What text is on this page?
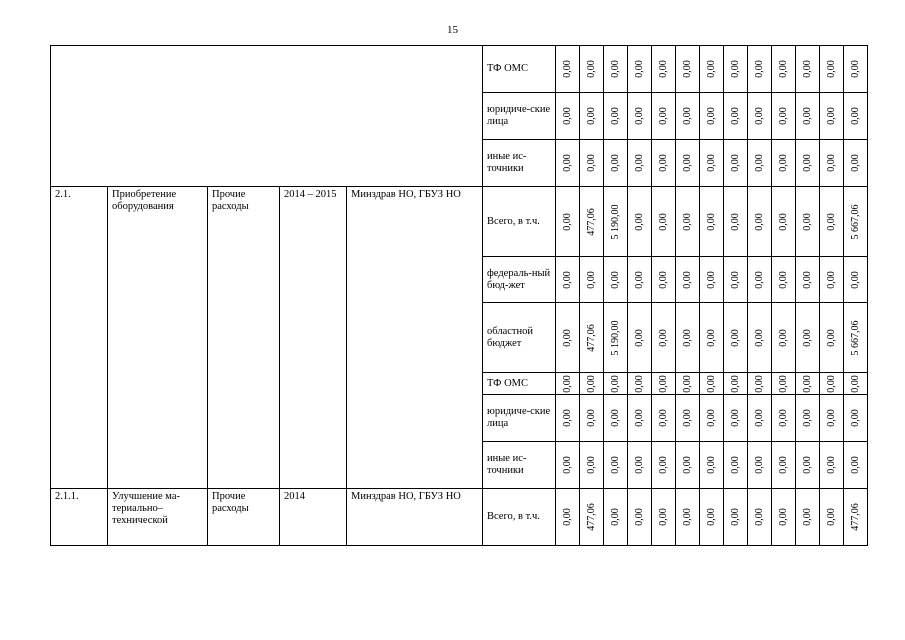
15
					ТФ ОМС	0,00	0,00	0,00	0,00	0,00	0,00	0,00	0,00	0,00	0,00	0,00	0,00	0,00

					юридиче-ские лица	0,00	0,00	0,00	0,00	0,00	0,00	0,00	0,00	0,00	0,00	0,00	0,00	0,00

					иные ис-точники	0,00	0,00	0,00	0,00	0,00	0,00	0,00	0,00	0,00	0,00	0,00	0,00	0,00

2.1.	Приобретение оборудования	Прочие расходы	2014 – 2015	Минздрав НО, ГБУЗ НО	Всего, в т.ч.	0,00	477,06	5 190,00	0,00	0,00	0,00	0,00	0,00	0,00	0,00	0,00	0,00	5 667,06

					федераль-ный бюд-жет	0,00	0,00	0,00	0,00	0,00	0,00	0,00	0,00	0,00	0,00	0,00	0,00	0,00

					областной бюджет	0,00	477,06	5 190,00	0,00	0,00	0,00	0,00	0,00	0,00	0,00	0,00	0,00	5 667,06

					ТФ ОМС	0,00	0,00	0,00	0,00	0,00	0,00	0,00	0,00	0,00	0,00	0,00	0,00	0,00

					юридиче-ские лица	0,00	0,00	0,00	0,00	0,00	0,00	0,00	0,00	0,00	0,00	0,00	0,00	0,00

					иные ис-точники	0,00	0,00	0,00	0,00	0,00	0,00	0,00	0,00	0,00	0,00	0,00	0,00	0,00

2.1.1.	Улучшение ма-териально–технической	Прочие расходы	2014	Минздрав НО, ГБУЗ НО	Всего, в т.ч.	0,00	477,06	0,00	0,00	0,00	0,00	0,00	0,00	0,00	0,00	0,00	0,00	477,06
